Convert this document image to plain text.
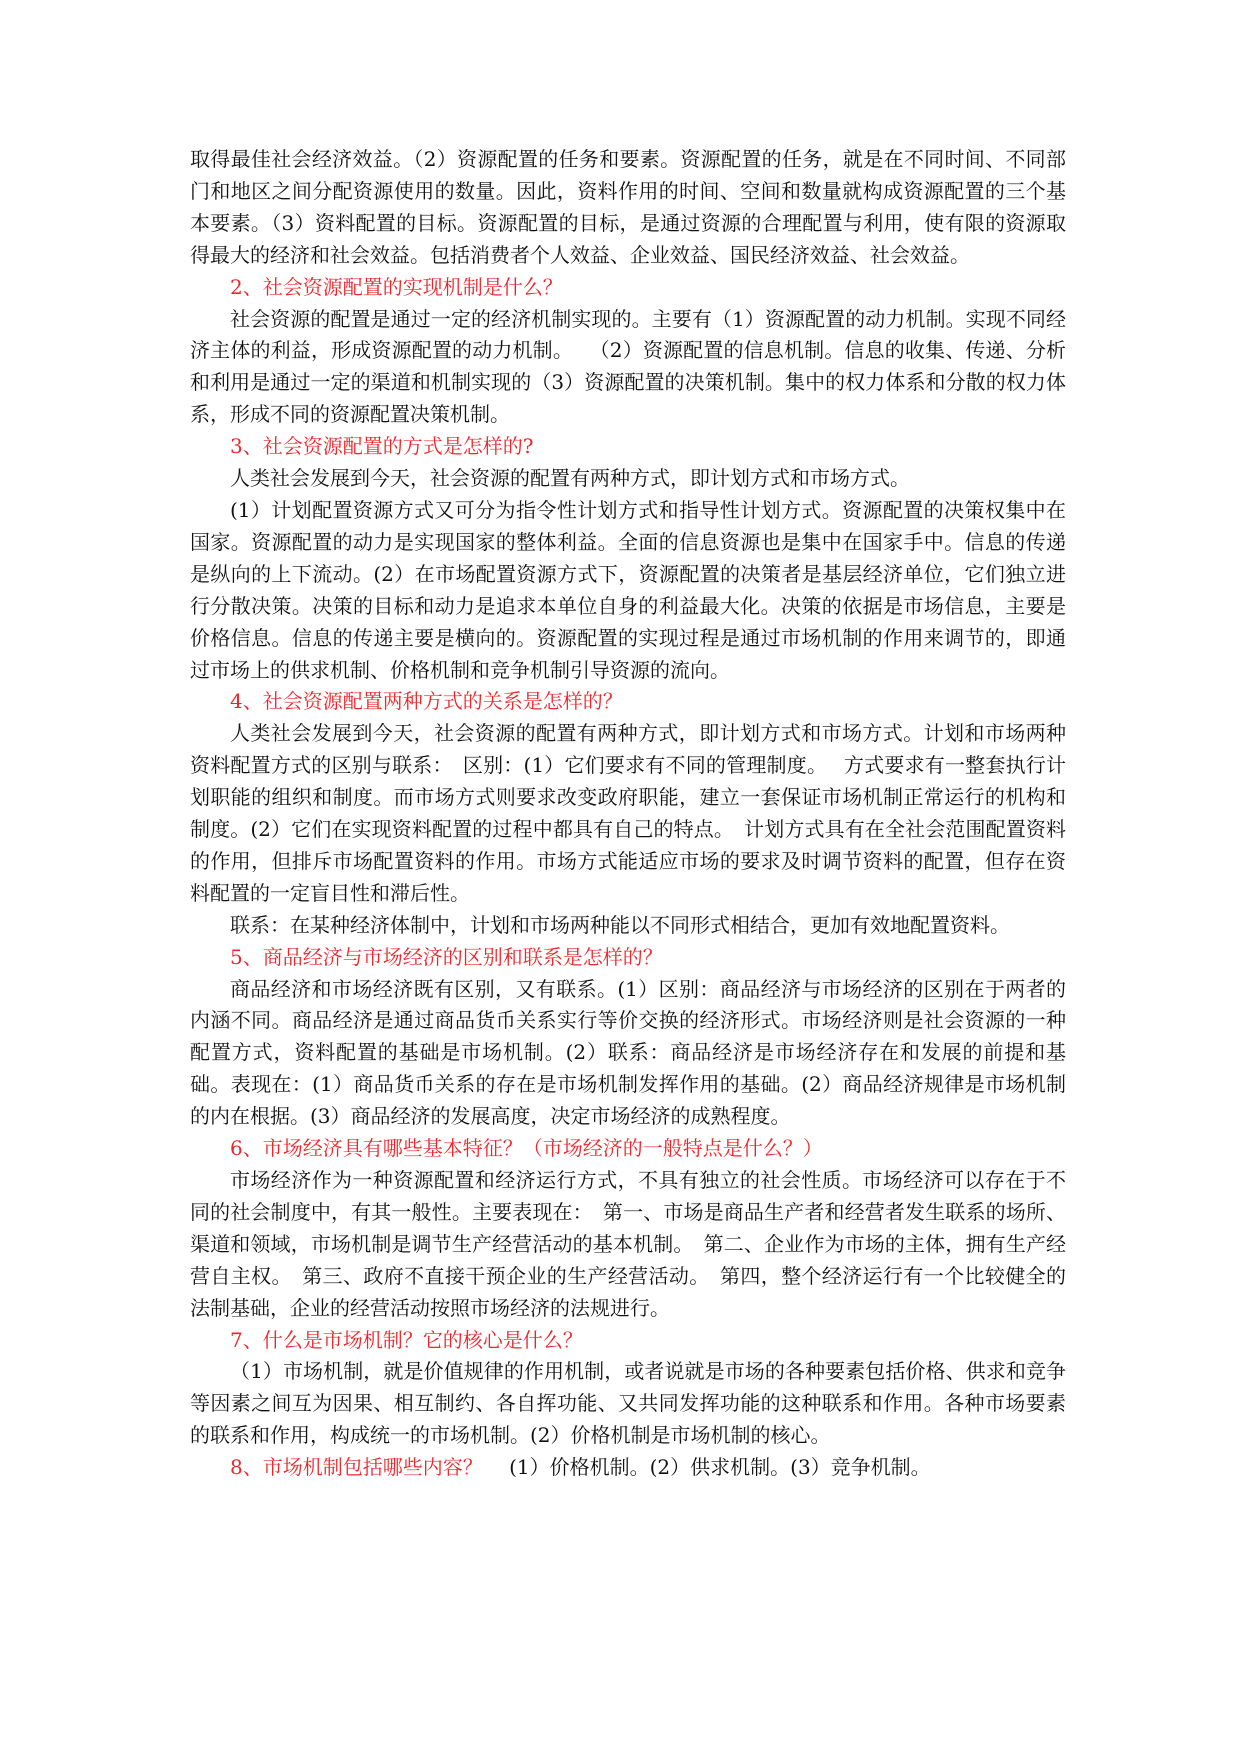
取得最佳社会经济效益。（2）资源配置的任务和要素。资源配置的任务，就是在不同时间、不同部门和地区之间分配资源使用的数量。因此，资料作用的时间、空间和数量就构成资源配置的三个基本要素。（3）资料配置的目标。资源配置的目标，是通过资源的合理配置与利用，使有限的资源取得最大的经济和社会效益。包括消费者个人效益、企业效益、国民经济效益、社会效益。

2、社会资源配置的实现机制是什么？

社会资源的配置是通过一定的经济机制实现的。主要有（1）资源配置的动力机制。实现不同经济主体的利益，形成资源配置的动力机制。　 （2）资源配置的信息机制。信息的收集、传递、分析和利用是通过一定的渠道和机制实现的（3）资源配置的决策机制。集中的权力体系和分散的权力体系，形成不同的资源配置决策机制。

3、社会资源配置的方式是怎样的?

人类社会发展到今天，社会资源的配置有两种方式，即计划方式和市场方式。

(1）计划配置资源方式又可分为指令性计划方式和指导性计划方式。资源配置的决策权集中在国家。资源配置的动力是实现国家的整体利益。全面的信息资源也是集中在国家手中。信息的传递是纵向的上下流动。(2）在市场配置资源方式下，资源配置的决策者是基层经济单位，它们独立进行分散决策。决策的目标和动力是追求本单位自身的利益最大化。决策的依据是市场信息，主要是价格信息。信息的传递主要是横向的。资源配置的实现过程是通过市场机制的作用来调节的，即通过市场上的供求机制、价格机制和竞争机制引导资源的流向。

4、社会资源配置两种方式的关系是怎样的？

人类社会发展到今天，社会资源的配置有两种方式，即计划方式和市场方式。计划和市场两种资料配置方式的区别与联系：　区别：(1）它们要求有不同的管理制度。　 方式要求有一整套执行计划职能的组织和制度。而市场方式则要求改变政府职能，建立一套保证市场机制正常运行的机构和制度。(2）它们在实现资料配置的过程中都具有自己的特点。　计划方式具有在全社会范围配置资料的作用，但排斥市场配置资料的作用。市场方式能适应市场的要求及时调节资料的配置，但存在资料配置的一定盲目性和滞后性。

联系：在某种经济体制中，计划和市场两种能以不同形式相结合，更加有效地配置资料。

5、商品经济与市场经济的区别和联系是怎样的？

商品经济和市场经济既有区别，又有联系。(1）区别：商品经济与市场经济的区别在于两者的内涵不同。商品经济是通过商品货币关系实行等价交换的经济形式。市场经济则是社会资源的一种配置方式，资料配置的基础是市场机制。(2）联系：商品经济是市场经济存在和发展的前提和基础。表现在：(1）商品货币关系的存在是市场机制发挥作用的基础。(2）商品经济规律是市场机制的内在根据。(3）商品经济的发展高度，决定市场经济的成熟程度。

6、市场经济具有哪些基本特征？（市场经济的一般特点是什么？）

市场经济作为一种资源配置和经济运行方式，不具有独立的社会性质。市场经济可以存在于不同的社会制度中，有其一般性。主要表现在：　第一、市场是商品生产者和经营者发生联系的场所、渠道和领域，市场机制是调节生产经营活动的基本机制。　第二、企业作为市场的主体，拥有生产经营自主权。　第三、政府不直接干预企业的生产经营活动。　第四，整个经济运行有一个比较健全的法制基础，企业的经营活动按照市场经济的法规进行。

7、什么是市场机制？它的核心是什么？

（1）市场机制，就是价值规律的作用机制，或者说就是市场的各种要素包括价格、供求和竞争等因素之间互为因果、相互制约、各自挥功能、又共同发挥功能的这种联系和作用。各种市场要素的联系和作用，构成统一的市场机制。(2）价格机制是市场机制的核心。

8、市场机制包括哪些内容？　 (1）价格机制。(2）供求机制。(3）竞争机制。
